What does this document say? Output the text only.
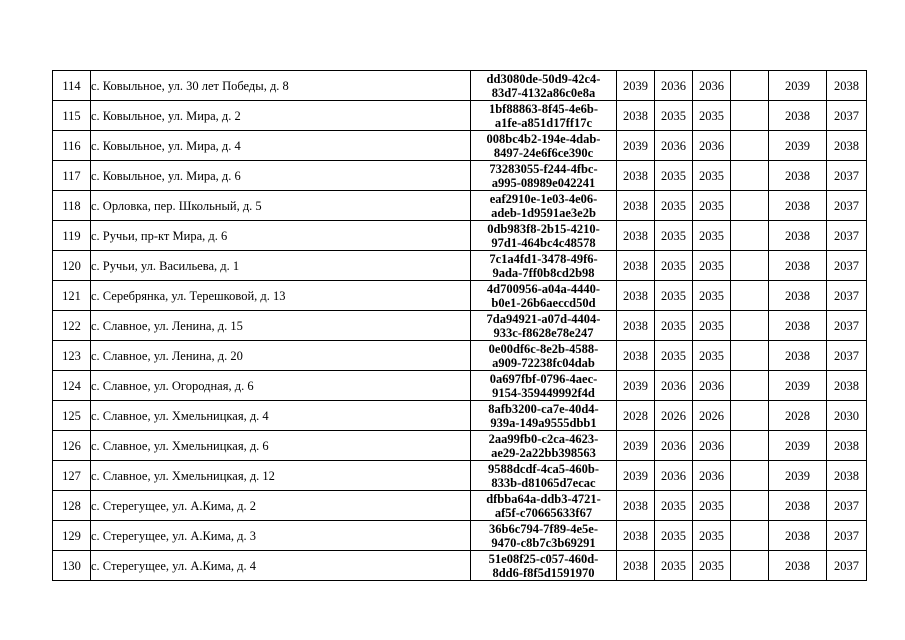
114	с. Ковыльное, ул. 30 лет Победы, д. 8	dd3080de-50d9-42c4-
83d7-4132a86c0e8a	2039	2036	2036		2039	2038
115	с. Ковыльное, ул. Мира, д. 2	1bf88863-8f45-4e6b-
a1fe-a851d17ff17c	2038	2035	2035		2038	2037
116	с. Ковыльное, ул. Мира, д. 4	008bc4b2-194e-4dab-
8497-24e6f6ce390c	2039	2036	2036		2039	2038
117	с. Ковыльное, ул. Мира, д. 6	73283055-f244-4fbc-
a995-08989e042241	2038	2035	2035		2038	2037
118	с. Орловка, пер. Школьный, д. 5	eaf2910e-1e03-4e06-
adeb-1d9591ae3e2b	2038	2035	2035		2038	2037
119	с. Ручьи, пр-кт Мира, д. 6	0db983f8-2b15-4210-
97d1-464bc4c48578	2038	2035	2035		2038	2037
120	с. Ручьи, ул. Васильева, д. 1	7c1a4fd1-3478-49f6-
9ada-7ff0b8cd2b98	2038	2035	2035		2038	2037
121	с. Серебрянка, ул. Терешковой, д. 13	4d700956-a04a-4440-
b0e1-26b6aeccd50d	2038	2035	2035		2038	2037
122	с. Славное, ул. Ленина, д. 15	7da94921-a07d-4404-
933c-f8628e78e247	2038	2035	2035		2038	2037
123	с. Славное, ул. Ленина, д. 20	0e00df6c-8e2b-4588-
a909-72238fc04dab	2038	2035	2035		2038	2037
124	с. Славное, ул. Огородная, д. 6	0a697fbf-0796-4aec-
9154-359449992f4d	2039	2036	2036		2039	2038
125	с. Славное, ул. Хмельницкая, д. 4	8afb3200-ca7e-40d4-
939a-149a9555dbb1	2028	2026	2026		2028	2030
126	с. Славное, ул. Хмельницкая, д. 6	2aa99fb0-c2ca-4623-
ae29-2a22bb398563	2039	2036	2036		2039	2038
127	с. Славное, ул. Хмельницкая, д. 12	9588dcdf-4ca5-460b-
833b-d81065d7ecac	2039	2036	2036		2039	2038
128	с. Стерегущее, ул. А.Кима, д. 2	dfbba64a-ddb3-4721-
af5f-c70665633f67	2038	2035	2035		2038	2037
129	с. Стерегущее, ул. А.Кима, д. 3	36b6c794-7f89-4e5e-
9470-c8b7c3b69291	2038	2035	2035		2038	2037
130	с. Стерегущее, ул. А.Кима, д. 4	51e08f25-c057-460d-
8dd6-f8f5d1591970	2038	2035	2035		2038	2037
